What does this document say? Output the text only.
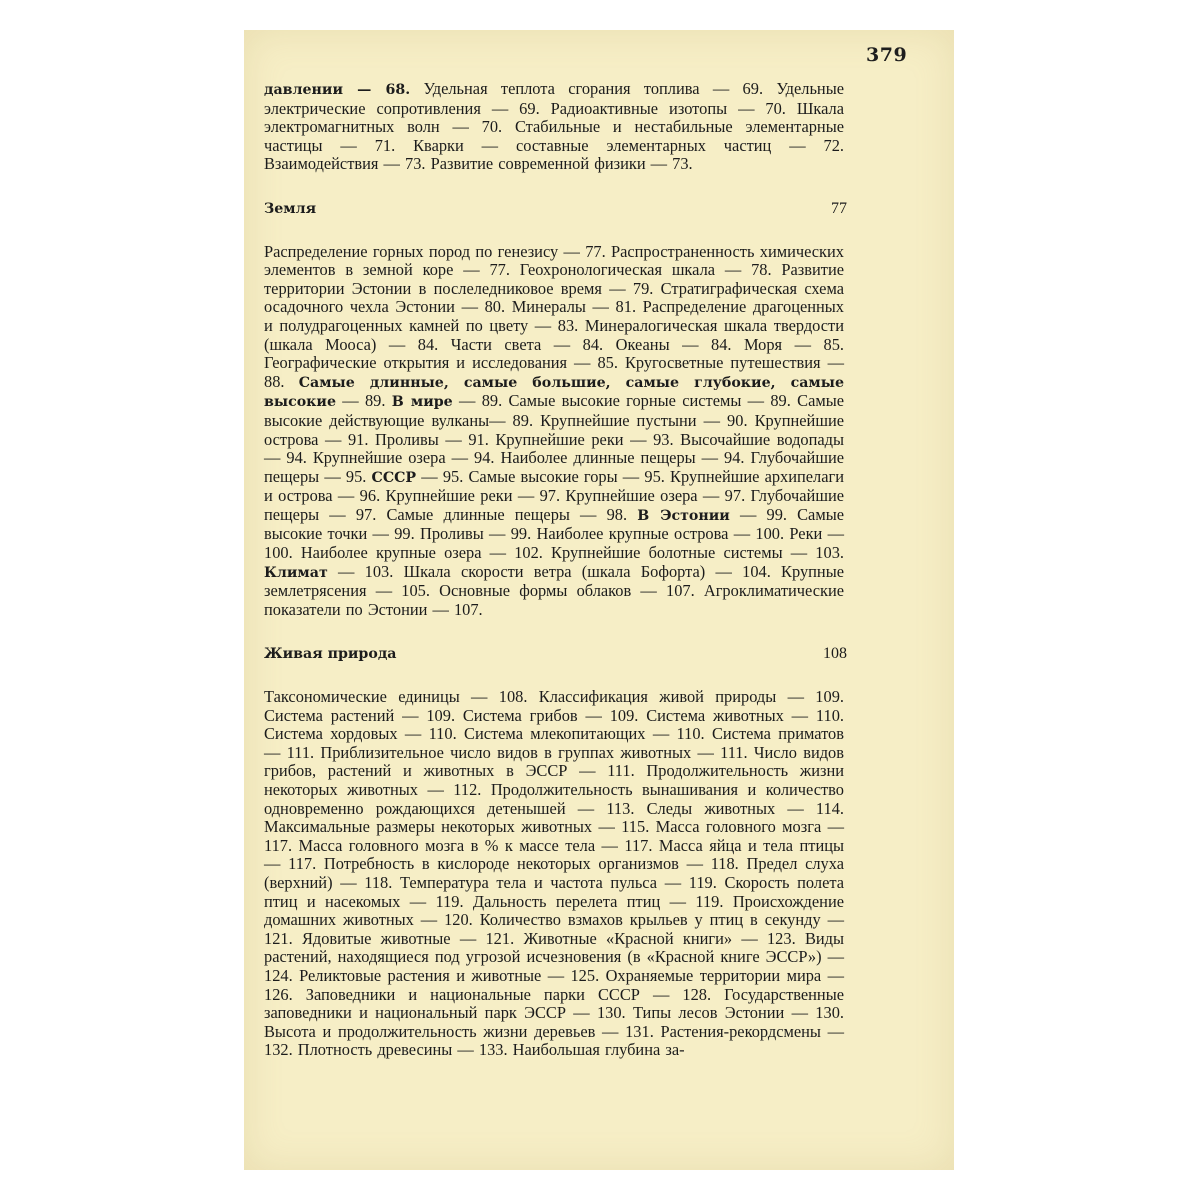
379

давлении — 68. Удельная теплота сгорания топлива — 69. Удельные электрические сопротивления — 69. Радиоактивные изотопы — 70. Шкала электромагнитных волн — 70. Стабильные и нестабильные элементарные частицы — 71. Кварки — составные элементарных частиц — 72. Взаимодействия — 73. Развитие современной физики — 73.

Земля	77

Распределение горных пород по генезису — 77. Распространенность химических элементов в земной коре — 77. Геохронологическая шкала — 78. Развитие территории Эстонии в послеледниковое время — 79. Стратиграфическая схема осадочного чехла Эстонии — 80. Минералы — 81. Распределение драгоценных и полудрагоценных камней по цвету — 83. Минералогическая шкала твердости (шкала Мооса) — 84. Части света — 84. Океаны — 84. Моря — 85. Географические открытия и исследования — 85. Кругосветные путешествия — 88. Самые длинные, самые большие, самые глубокие, самые высокие — 89. В мире — 89. Самые высокие горные системы — 89. Самые высокие действующие вулканы— 89. Крупнейшие пустыни — 90. Крупнейшие острова — 91. Проливы — 91. Крупнейшие реки — 93. Высочайшие водопады — 94. Крупнейшие озера — 94. Наиболее длинные пещеры — 94. Глубочайшие пещеры — 95. СССР — 95. Самые высокие горы — 95. Крупнейшие архипелаги и острова — 96. Крупнейшие реки — 97. Крупнейшие озера — 97. Глубочайшие пещеры — 97. Самые длинные пещеры — 98. В Эстонии — 99. Самые высокие точки — 99. Проливы — 99. Наиболее крупные острова — 100. Реки — 100. Наиболее крупные озера — 102. Крупнейшие болотные системы — 103. Климат — 103. Шкала скорости ветра (шкала Бофорта) — 104. Крупные землетрясения — 105. Основные формы облаков — 107. Агроклиматические показатели по Эстонии — 107.

Живая природа	108

Таксономические единицы — 108. Классификация живой природы — 109. Система растений — 109. Система грибов — 109. Система животных — 110. Система хордовых — 110. Система млекопитающих — 110. Система приматов — 111. Приблизительное число видов в группах животных — 111. Число видов грибов, растений и животных в ЭССР — 111. Продолжительность жизни некоторых животных — 112. Продолжительность вынашивания и количество одновременно рождающихся детенышей — 113. Следы животных — 114. Максимальные размеры некоторых животных — 115. Масса головного мозга — 117. Масса головного мозга в % к массе тела — 117. Масса яйца и тела птицы — 117. Потребность в кислороде некоторых организмов — 118. Предел слуха (верхний) — 118. Температура тела и частота пульса — 119. Скорость полета птиц и насекомых — 119. Дальность перелета птиц — 119. Происхождение домашних животных — 120. Количество взмахов крыльев у птиц в секунду — 121. Ядовитые животные — 121. Животные «Красной книги» — 123. Виды растений, находящиеся под угрозой исчезновения (в «Красной книге ЭССР») — 124. Реликтовые растения и животные — 125. Охраняемые территории мира — 126. Заповедники и национальные парки СССР — 128. Государственные заповедники и национальный парк ЭССР — 130. Типы лесов Эстонии — 130. Высота и продолжительность жизни деревьев — 131. Растения-рекордсмены — 132. Плотность древесины — 133. Наибольшая глубина за-
